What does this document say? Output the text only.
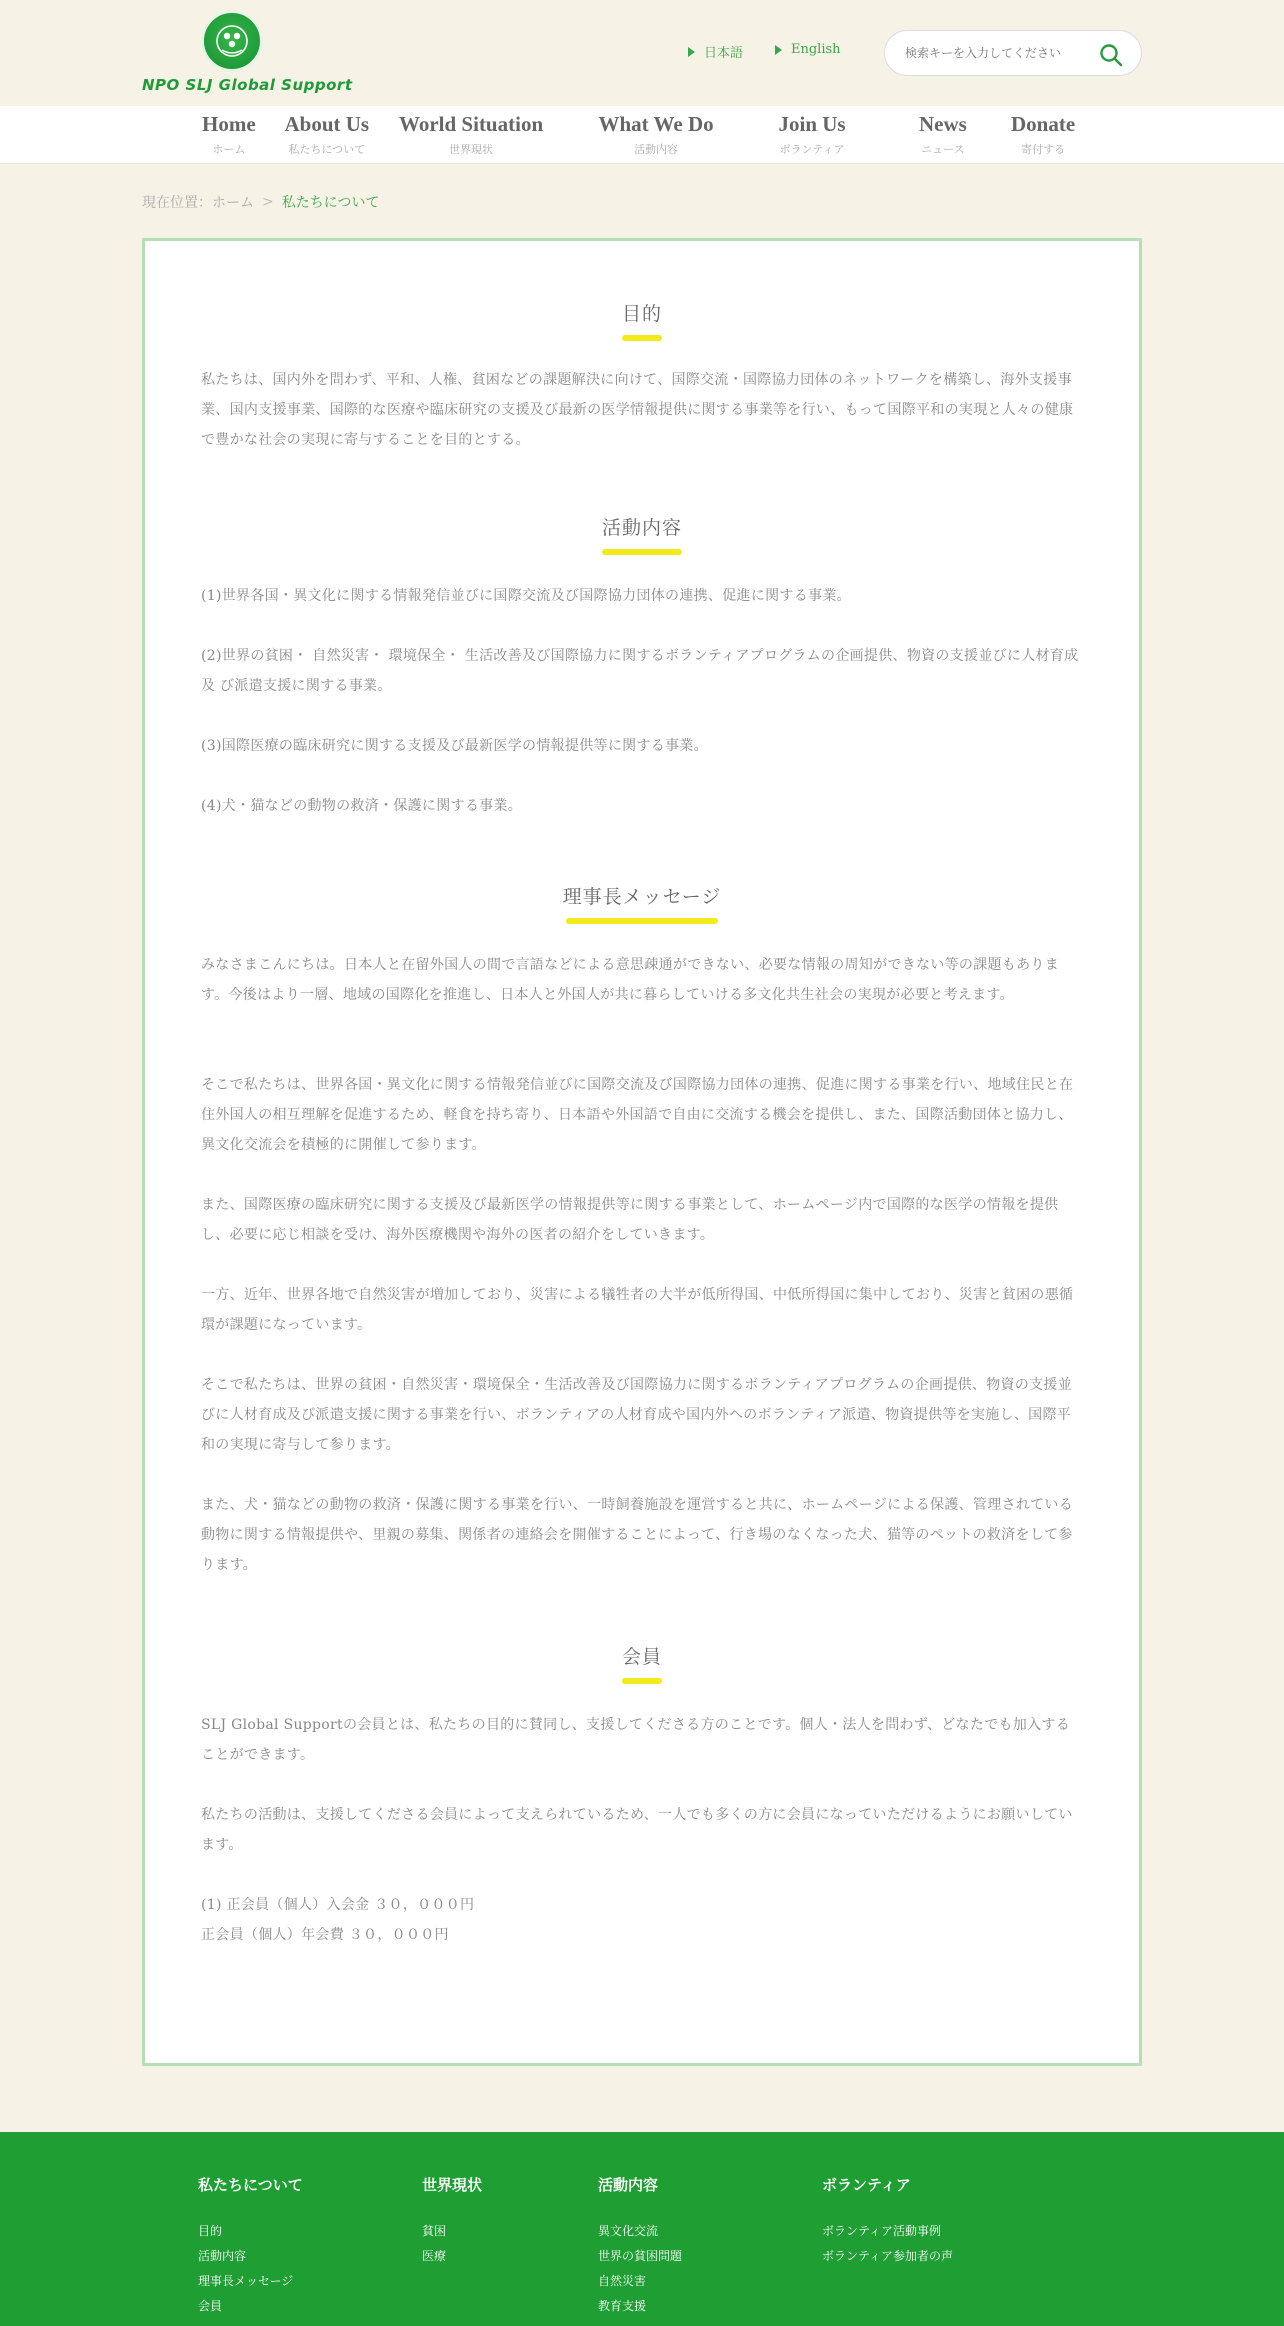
NPO SLJ Global Support
日本語	English
検索キーを入力してください
Home
ホーム
About Us
私たちについて
World Situation
世界現状
What We Do
活動内容
Join Us
ボランティア
News
ニュース
Donate
寄付する
現在位置： ホーム > 私たちについて
目的

私たちは、国内外を問わず、平和、人権、貧困などの課題解決に向けて、国際交流・国際協力団体のネットワークを構築し、海外支援事業、国内支援事業、国際的な医療や臨床研究の支援及び最新の医学情報提供に関する事業等を行い、もって国際平和の実現と人々の健康で豊かな社会の実現に寄与することを目的とする。

活動内容

(1)世界各国・異文化に関する情報発信並びに国際交流及び国際協力団体の連携、促進に関する事業。

(2)世界の貧困・ 自然災害・ 環境保全・ 生活改善及び国際協力に関するボランティアプログラムの企画提供、物資の支援並びに人材育成及 び派遣支援に関する事業。

(3)国際医療の臨床研究に関する支援及び最新医学の情報提供等に関する事業。

(4)犬・猫などの動物の救済・保護に関する事業。

理事長メッセージ

みなさまこんにちは。日本人と在留外国人の間で言語などによる意思疎通ができない、必要な情報の周知ができない等の課題もあります。今後はより一層、地域の国際化を推進し、日本人と外国人が共に暮らしていける多文化共生社会の実現が必要と考えます。

そこで私たちは、世界各国・異文化に関する情報発信並びに国際交流及び国際協力団体の連携、促進に関する事業を行い、地域住民と在住外国人の相互理解を促進するため、軽食を持ち寄り、日本語や外国語で自由に交流する機会を提供し、また、国際活動団体と協力し、異文化交流会を積極的に開催して参ります。

また、国際医療の臨床研究に関する支援及び最新医学の情報提供等に関する事業として、ホームページ内で国際的な医学の情報を提供し、必要に応じ相談を受け、海外医療機関や海外の医者の紹介をしていきます。

一方、近年、世界各地で自然災害が増加しており、災害による犠牲者の大半が低所得国、中低所得国に集中しており、災害と貧困の悪循環が課題になっています。

そこで私たちは、世界の貧困・自然災害・環境保全・生活改善及び国際協力に関するボランティアプログラムの企画提供、物資の支援並びに人材育成及び派遣支援に関する事業を行い、ボランティアの人材育成や国内外へのボランティア派遣、物資提供等を実施し、国際平和の実現に寄与して参ります。

また、犬・猫などの動物の救済・保護に関する事業を行い、一時飼養施設を運営すると共に、ホームページによる保護、管理されている動物に関する情報提供や、里親の募集、関係者の連絡会を開催することによって、行き場のなくなった犬、猫等のペットの救済をして参ります。

会員

SLJ Global Supportの会員とは、私たちの目的に賛同し、支援してくださる方のことです。個人・法人を問わず、どなたでも加入することができます。

私たちの活動は、支援してくださる会員によって支えられているため、一人でも多くの方に会員になっていただけるようにお願いしています。

(1) 正会員（個人）入会金 ３０，０００円

正会員（個人）年会費 ３０，０００円

私たちについて
目的
活動内容
理事長メッセージ
会員
世界現状
貧困
医療
活動内容
異文化交流
世界の貧困問題
自然災害
教育支援
ボランティア
ボランティア活動事例
ボランティア参加者の声
